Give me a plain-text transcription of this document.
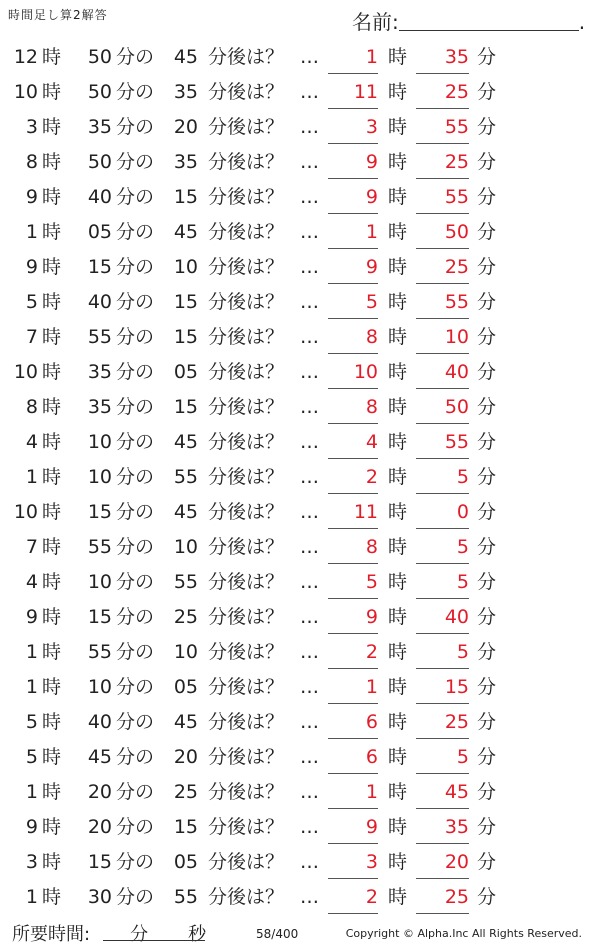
時間足し算2解答	名前:	.
12 時	50 分の	45 分後は？ …	1 時	35 分
10 時	50 分の	35 分後は？ …	11 時	25 分
3 時	35 分の	20 分後は？ …	3 時	55 分
8 時	50 分の	35 分後は？ …	9 時	25 分
9 時	40 分の	15 分後は？ …	9 時	55 分
1 時	05 分の	45 分後は？ …	1 時	50 分
9 時	15 分の	10 分後は？ …	9 時	25 分
5 時	40 分の	15 分後は？ …	5 時	55 分
7 時	55 分の	15 分後は？ …	8 時	10 分
10 時	35 分の	05 分後は？ …	10 時	40 分
8 時	35 分の	15 分後は？ …	8 時	50 分
4 時	10 分の	45 分後は？ …	4 時	55 分
1 時	10 分の	55 分後は？ …	2 時	5 分
10 時	15 分の	45 分後は？ …	11 時	0 分
7 時	55 分の	10 分後は？ …	8 時	5 分
4 時	10 分の	55 分後は？ …	5 時	5 分
9 時	15 分の	25 分後は？ …	9 時	40 分
1 時	55 分の	10 分後は？ …	2 時	5 分
1 時	10 分の	05 分後は？ …	1 時	15 分
5 時	40 分の	45 分後は？ …	6 時	25 分
5 時	45 分の	20 分後は？ …	6 時	5 分
1 時	20 分の	25 分後は？ …	1 時	45 分
9 時	20 分の	15 分後は？ …	9 時	35 分
3 時	15 分の	05 分後は？ …	3 時	20 分
1 時	30 分の	55 分後は？ …	2 時	25 分
所要時間: 分 秒	58/400	Copyright © Alpha.Inc All Rights Reserved.
